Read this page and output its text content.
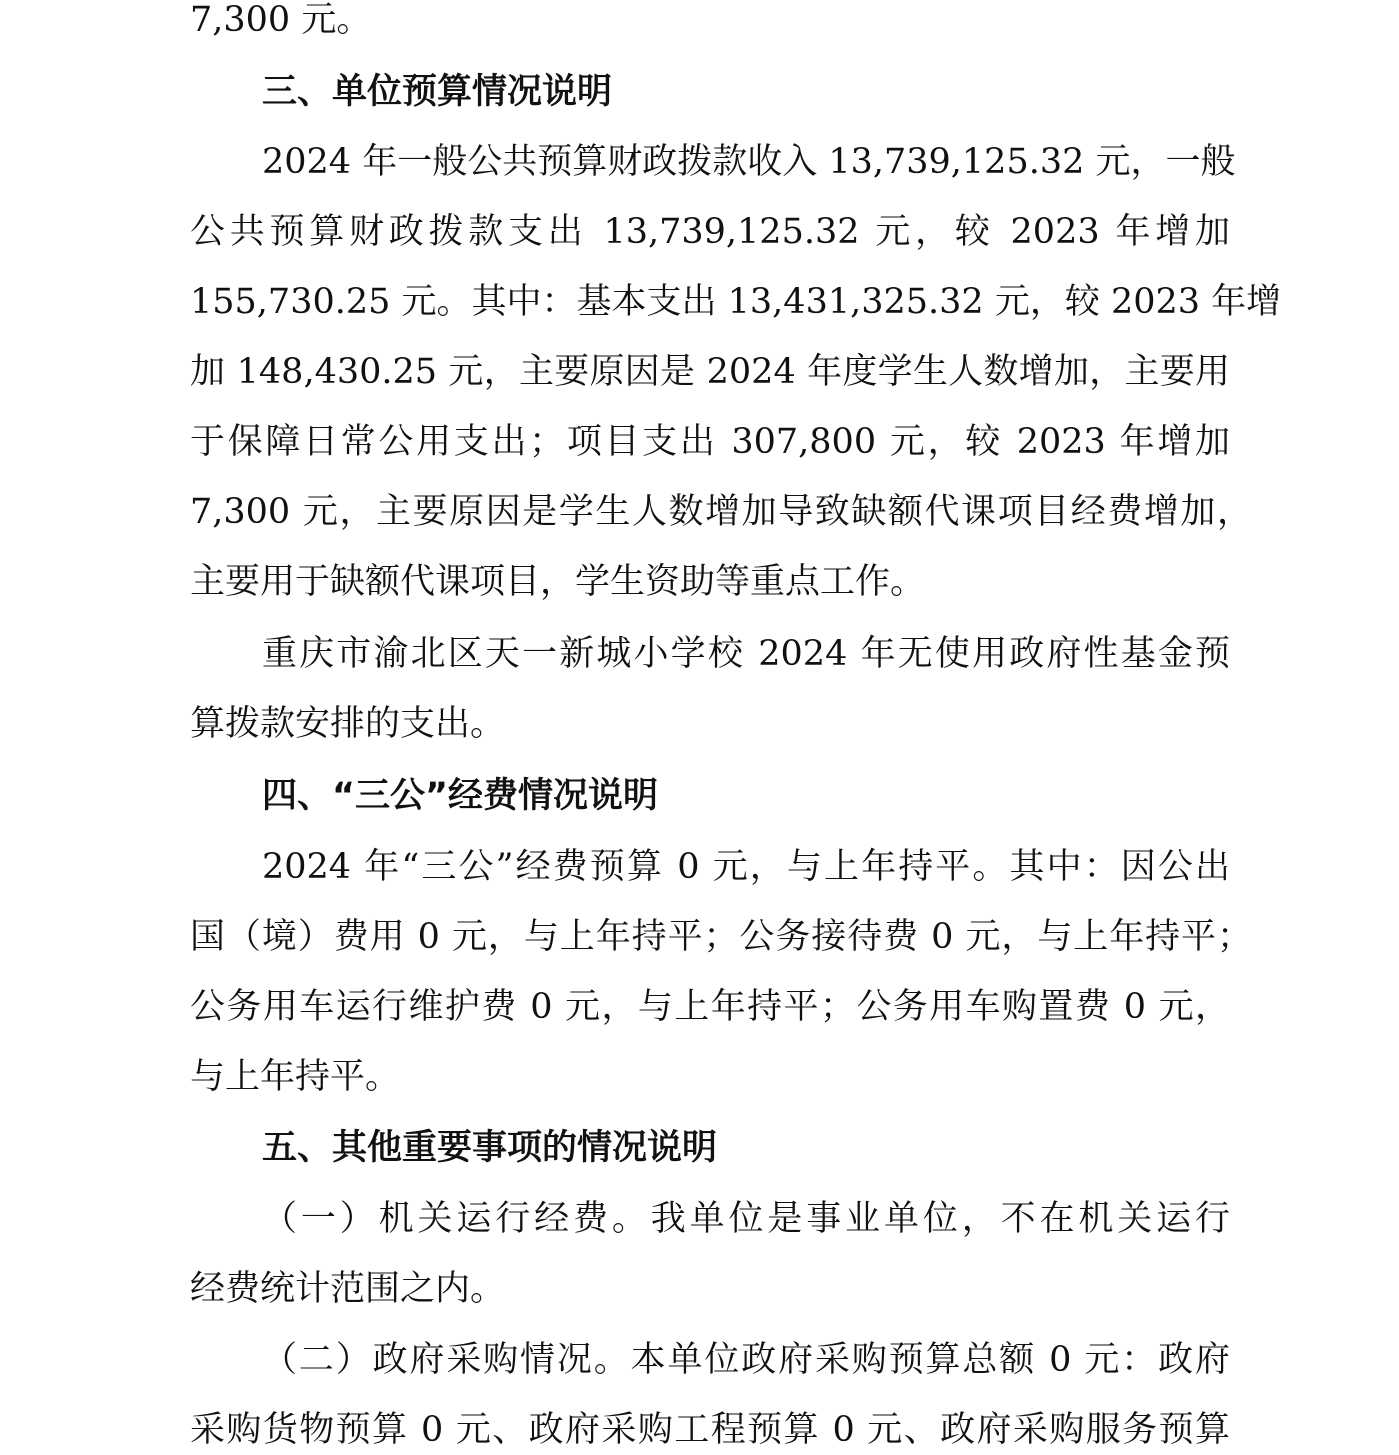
7,300 元。
三、单位预算情况说明
2024 年一般公共预算财政拨款收入 13,739,125.32 元，一般
公共预算财政拨款支出 13,739,125.32 元，较 2023 年增加
155,730.25 元。其中：基本支出 13,431,325.32 元，较 2023 年增
加 148,430.25 元，主要原因是 2024 年度学生人数增加，主要用
于保障日常公用支出；项目支出 307,800 元，较 2023 年增加
7,300 元，主要原因是学生人数增加导致缺额代课项目经费增加，
主要用于缺额代课项目，学生资助等重点工作。
重庆市渝北区天一新城小学校 2024 年无使用政府性基金预
算拨款安排的支出。
四、“三公”经费情况说明
2024 年“三公”经费预算 0 元，与上年持平。其中：因公出
国（境）费用 0 元，与上年持平；公务接待费 0 元，与上年持平；
公务用车运行维护费 0 元，与上年持平；公务用车购置费 0 元，
与上年持平。
五、其他重要事项的情况说明
（一）机关运行经费。我单位是事业单位，不在机关运行
经费统计范围之内。
（二）政府采购情况。本单位政府采购预算总额 0 元：政府
采购货物预算 0 元、政府采购工程预算 0 元、政府采购服务预算
